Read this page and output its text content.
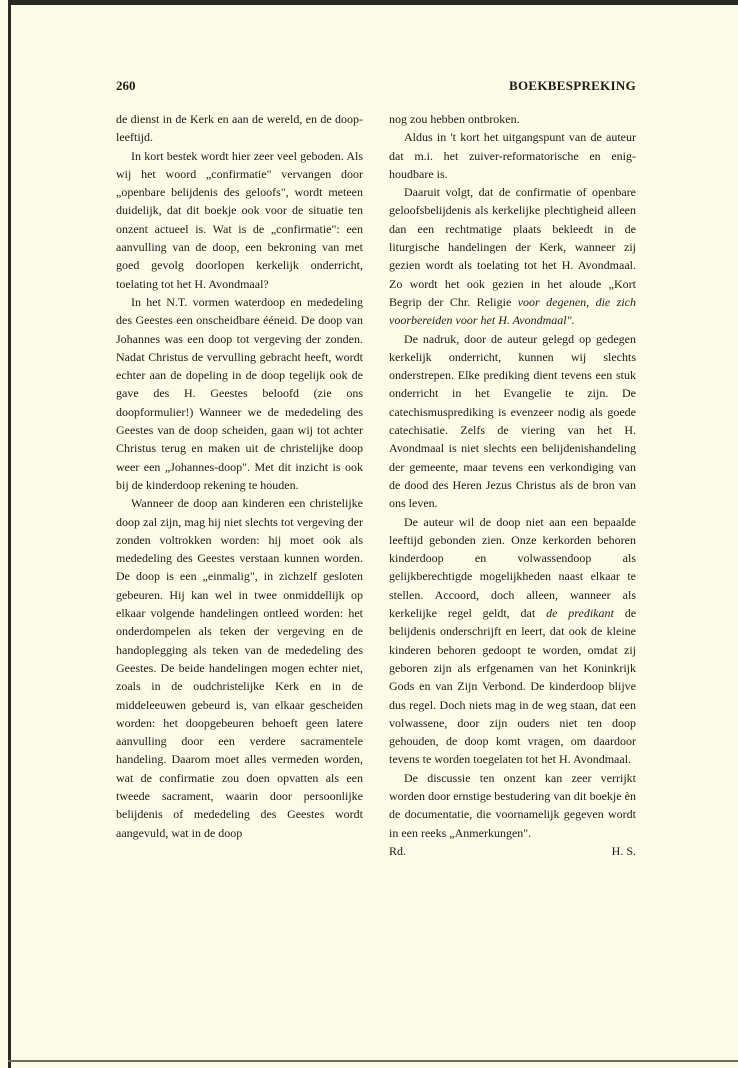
260	BOEKBESPREKING

de dienst in de Kerk en aan de wereld, en de doop-leeftijd.

In kort bestek wordt hier zeer veel geboden. Als wij het woord „confirmatie" vervangen door „openbare belijdenis des geloofs", wordt meteen duidelijk, dat dit boekje ook voor de situatie ten onzent actueel is. Wat is de „confirmatie": een aanvulling van de doop, een bekroning van met goed gevolg doorlopen kerkelijk onderricht, toelating tot het H. Avondmaal?

In het N.T. vormen waterdoop en mededeling des Geestes een onscheidbare ééneid. De doop van Johannes was een doop tot vergeving der zonden. Nadat Christus de vervulling gebracht heeft, wordt echter aan de dopeling in de doop tegelijk ook de gave des H. Geestes beloofd (zie ons doopformulier!) Wanneer we de mededeling des Geestes van de doop scheiden, gaan wij tot achter Christus terug en maken uit de christelijke doop weer een „Johannes-doop". Met dit inzicht is ook bij de kinderdoop rekening te houden.

Wanneer de doop aan kinderen een christelijke doop zal zijn, mag hij niet slechts tot vergeving der zonden voltrokken worden: hij moet ook als mededeling des Geestes verstaan kunnen worden. De doop is een „einmalig", in zichzelf gesloten gebeuren. Hij kan wel in twee onmiddellijk op elkaar volgende handelingen ontleed worden: het onderdompelen als teken der vergeving en de handoplegging als teken van de mededeling des Geestes. De beide handelingen mogen echter niet, zoals in de oudchristelijke Kerk en in de middeleeuwen gebeurd is, van elkaar gescheiden worden: het doopgebeuren behoeft geen latere aanvulling door een verdere sacramentele handeling. Daarom moet alles vermeden worden, wat de confirmatie zou doen opvatten als een tweede sacrament, waarin door persoonlijke belijdenis of mededeling des Geestes wordt aangevuld, wat in de doop

nog zou hebben ontbroken.

Aldus in 't kort het uitgangspunt van de auteur dat m.i. het zuiver-reformatorische en enig-houdbare is.

Daaruit volgt, dat de confirmatie of openbare geloofsbelijdenis als kerkelijke plechtigheid alleen dan een rechtmatige plaats bekleedt in de liturgische handelingen der Kerk, wanneer zij gezien wordt als toelating tot het H. Avondmaal. Zo wordt het ook gezien in het aloude „Kort Begrip der Chr. Religie voor degenen, die zich voorbereiden voor het H. Avondmaal".

De nadruk, door de auteur gelegd op gedegen kerkelijk onderricht, kunnen wij slechts onderstrepen. Elke prediking dient tevens een stuk onderricht in het Evangelie te zijn. De catechismusprediking is evenzeer nodig als goede catechisatie. Zelfs de viering van het H. Avondmaal is niet slechts een belijdenishandeling der gemeente, maar tevens een verkondiging van de dood des Heren Jezus Christus als de bron van ons leven.

De auteur wil de doop niet aan een bepaalde leeftijd gebonden zien. Onze kerkorden behoren kinderdoop en volwassendoop als gelijkberechtigde mogelijkheden naast elkaar te stellen. Accoord, doch alleen, wanneer als kerkelijke regel geldt, dat de predikant de belijdenis onderschrijft en leert, dat ook de kleine kinderen behoren gedoopt te worden, omdat zij geboren zijn als erfgenamen van het Koninkrijk Gods en van Zijn Verbond. De kinderdoop blijve dus regel. Doch niets mag in de weg staan, dat een volwassene, door zijn ouders niet ten doop gehouden, de doop komt vragen, om daardoor tevens te worden toegelaten tot het H. Avondmaal.

De discussie ten onzent kan zeer verrijkt worden door ernstige bestudering van dit boekje èn de documentatie, die voornamelijk gegeven wordt in een reeks „Anmerkungen".

Rd.	H. S.
